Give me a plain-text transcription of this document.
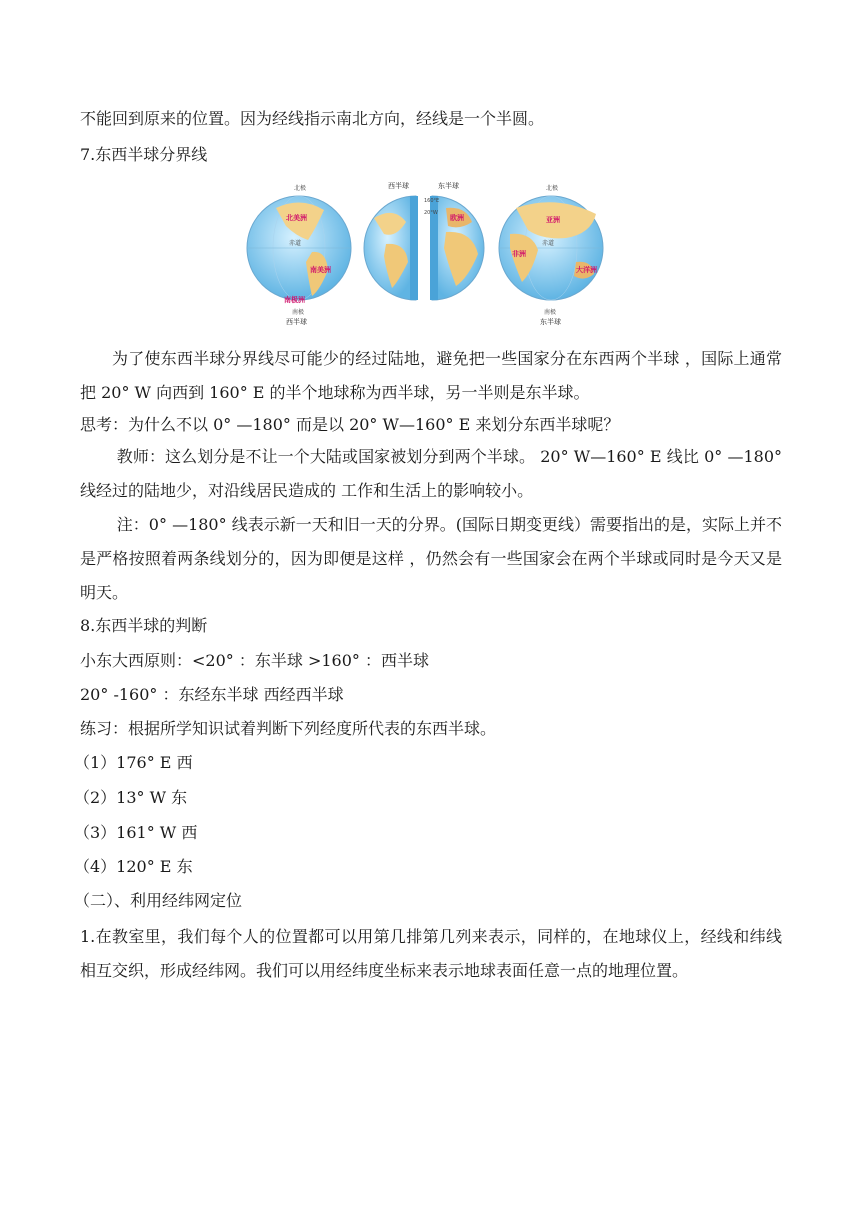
不能回到原来的位置。因为经线指示南北方向，经线是一个半圆。
7.东西半球分界线
北极
南极
西半球
西半球	东半球	北极
南极
东半球
赤道	赤道
160°E
20°W
北美洲
南美洲
南极洲
亚洲
非洲
大洋洲
欧洲
为了使东西半球分界线尽可能少的经过陆地，避免把一些国家分在东西两个半球 ，国际上通常把 20° W 向西到 160° E 的半个地球称为西半球，另一半则是东半球。
思考：为什么不以 0° —180° 而是以 20° W—160° E 来划分东西半球呢？
教师：这么划分是不让一个大陆或国家被划分到两个半球。 20° W—160° E 线比 0° —180° 线经过的陆地少，对沿线居民造成的 工作和生活上的影响较小。
注：0° —180° 线表示新一天和旧一天的分界。(国际日期变更线）需要指出的是，实际上并不是严格按照着两条线划分的，因为即便是这样 ，仍然会有一些国家会在两个半球或同时是今天又是明天。
8.东西半球的判断
小东大西原则：<20° ：东半球 >160° ：西半球
20° -160° ：东经东半球 西经西半球
练习：根据所学知识试着判断下列经度所代表的东西半球。
（1）176° E 西
（2）13° W 东
（3）161° W 西
（4）120° E 东
（二）、利用经纬网定位
1.在教室里，我们每个人的位置都可以用第几排第几列来表示，同样的，在地球仪上，经线和纬线相互交织，形成经纬网。我们可以用经纬度坐标来表示地球表面任意一点的地理位置。
